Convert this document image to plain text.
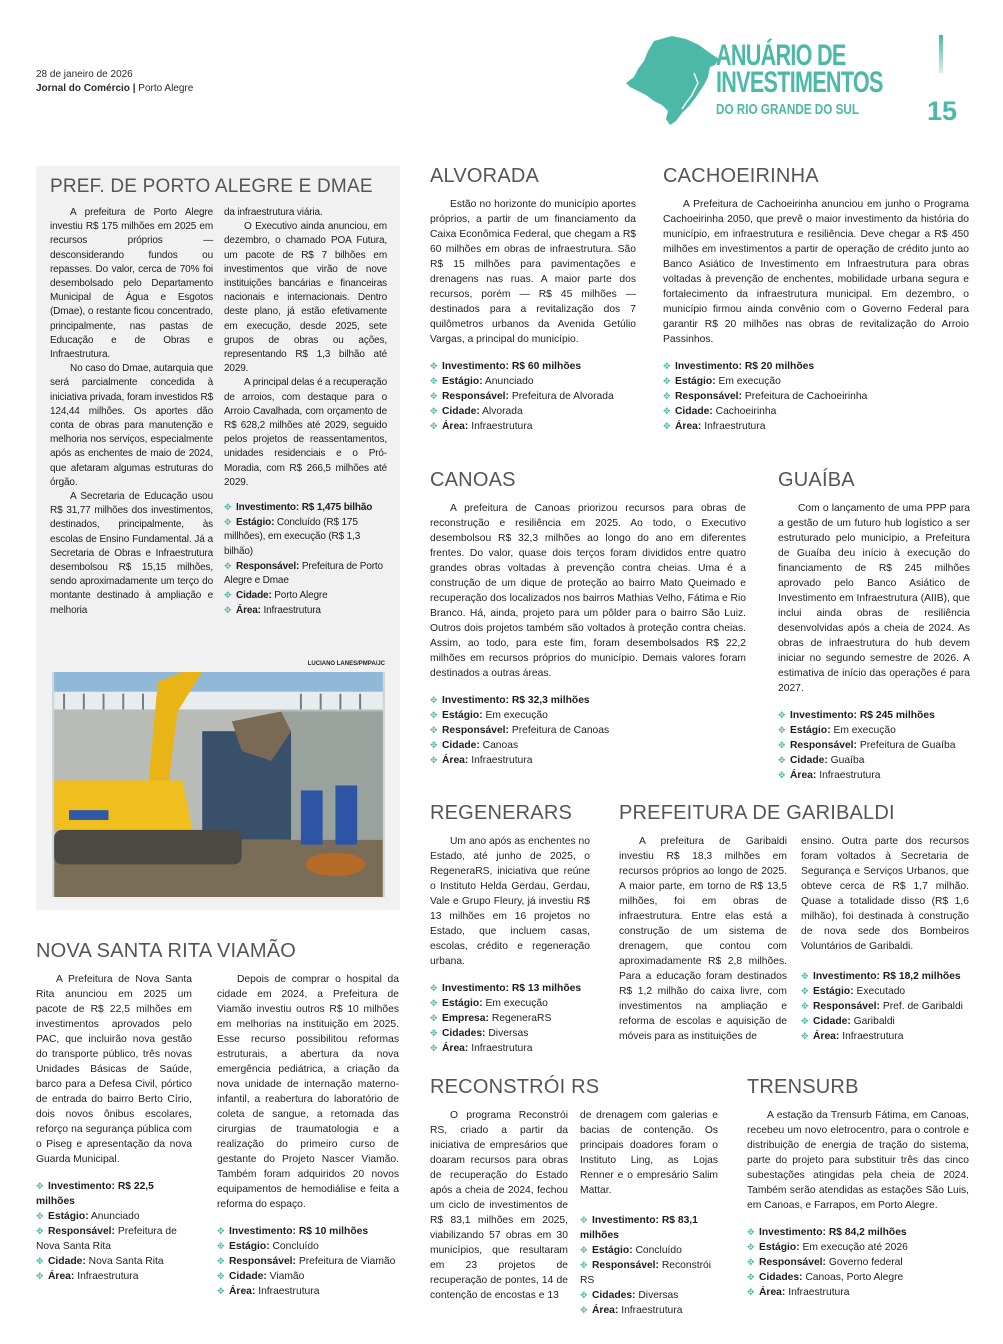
28 de janeiro de 2026
Jornal do Comércio | Porto Alegre
ANUÁRIO DE
INVESTIMENTOS
DO RIO GRANDE DO SUL	15
PREF. DE PORTO ALEGRE E DMAE

A prefeitura de Porto Alegre investiu R$ 175 milhões em 2025 em recursos próprios — desconsiderando fundos ou repasses. Do valor, cerca de 70% foi desembolsado pelo Departamento Municipal de Água e Esgotos (Dmae), o restante ficou concentrado, principalmente, nas pastas de Educação e de Obras e Infraestrutura.

No caso do Dmae, autarquia que será parcialmente concedida à iniciativa privada, foram investidos R$ 124,44 milhões. Os aportes dão conta de obras para manutenção e melhoria nos serviços, especialmente após as enchentes de maio de 2024, que afetaram algumas estruturas do órgão.

A Secretaria de Educação usou R$ 31,77 milhões dos investimentos, destinados, principalmente, às escolas de Ensino Fundamental. Já a Secretaria de Obras e Infraestrutura desembolsou R$ 15,15 milhões, sendo aproximadamente um terço do montante destinado à ampliação e melhoria

da infraestrutura viária.

O Executivo ainda anunciou, em dezembro, o chamado POA Futura, um pacote de R$ 7 bilhões em investimentos que virão de nove instituições bancárias e financeiras nacionais e internacionais. Dentro deste plano, já estão efetivamente em execução, desde 2025, sete grupos de obras ou ações, representando R$ 1,3 bilhão até 2029.

A principal delas é a recuperação de arroios, com destaque para o Arroio Cavalhada, com orçamento de R$ 628,2 milhões até 2029, seguido pelos projetos de reassentamentos, unidades residenciais e o Pró-Moradia, com R$ 266,5 milhões até 2029.

✥ Investimento: R$ 1,475 bilhão
✥ Estágio: Concluído (R$ 175 millhões), em execução (R$ 1,3 bilhão)
✥ Responsável: Prefeitura de Porto Alegre e Dmae
✥ Cidade: Porto Alegre
✥ Área: Infraestrutura
LUCIANO LANES/PMPA/JC
ALVORADA

Estão no horizonte do município aportes próprios, a partir de um financiamento da Caixa Econômica Federal, que chegam a R$ 60 milhões em obras de infraestrutura. São R$ 15 milhões para pavimentações e drenagens nas ruas. A maior parte dos recursos, porém — R$ 45 milhões — destinados para a revitalização dos 7 quilômetros urbanos da Avenida Getúlio Vargas, a principal do município.

✥ Investimento: R$ 60 milhões
✥ Estágio: Anunciado
✥ Responsável: Prefeitura de Alvorada
✥ Cidade: Alvorada
✥ Área: Infraestrutura
CACHOEIRINHA

A Prefeitura de Cachoeirinha anunciou em junho o Programa Cachoeirinha 2050, que prevê o maior investimento da história do município, em infraestrutura e resiliência. Deve chegar a R$ 450 milhões em investimentos a partir de operação de crédito junto ao Banco Asiático de Investimento em Infraestrutura para obras voltadas à prevenção de enchentes, mobilidade urbana segura e fortalecimento da infraestrutura municipal. Em dezembro, o município firmou ainda convênio com o Governo Federal para garantir R$ 20 milhões nas obras de revitalização do Arroio Passinhos.

✥ Investimento: R$ 20 milhões
✥ Estágio: Em execução
✥ Responsável: Prefeitura de Cachoeirinha
✥ Cidade: Cachoeirinha
✥ Área: Infraestrutura
CANOAS

A prefeitura de Canoas priorizou recursos para obras de reconstrução e resiliência em 2025. Ao todo, o Executivo desembolsou R$ 32,3 milhões ao longo do ano em diferentes frentes. Do valor, quase dois terços foram divididos entre quatro grandes obras voltadas à prevenção contra cheias. Uma é a construção de um dique de proteção ao bairro Mato Queimado e recuperação dos localizados nos bairros Mathias Velho, Fátima e Rio Branco. Há, ainda, projeto para um pôlder para o bairro São Luiz. Outros dois projetos também são voltados à proteção contra cheias. Assim, ao todo, para este fim, foram desembolsados R$ 22,2 milhões em recursos próprios do município. Demais valores foram destinados a outras áreas.

✥ Investimento: R$ 32,3 milhões
✥ Estágio: Em execução
✥ Responsável: Prefeitura de Canoas
✥ Cidade: Canoas
✥ Área: Infraestrutura
GUAÍBA

Com o lançamento de uma PPP para a gestão de um futuro hub logístico a ser estruturado pelo município, a Prefeitura de Guaíba deu início à execução do financiamento de R$ 245 milhões aprovado pelo Banco Asiático de Investimento em Infraestrutura (AIIB), que inclui ainda obras de resiliência desenvolvidas após a cheia de 2024. As obras de infraestrutura do hub devem iniciar no segundo semestre de 2026. A estimativa de início das operações é para 2027.

✥ Investimento: R$ 245 milhões
✥ Estágio: Em execução
✥ Responsável: Prefeitura de Guaíba
✥ Cidade: Guaíba
✥ Área: Infraestrutura
REGENERARS

Um ano após as enchentes no Estado, até junho de 2025, o RegeneraRS, iniciativa que reúne o Instituto Helda Gerdau, Gerdau, Vale e Grupo Fleury, já investiu R$ 13 milhões em 16 projetos no Estado, que incluem casas, escolas, crédito e regeneração urbana.

✥ Investimento: R$ 13 milhões
✥ Estágio: Em execução
✥ Empresa: RegeneraRS
✥ Cidades: Diversas
✥ Área: Infraestrutura
PREFEITURA DE GARIBALDI

A prefeitura de Garibaldi investiu R$ 18,3 milhões em recursos próprios ao longo de 2025. A maior parte, em torno de R$ 13,5 milhões, foi em obras de infraestrutura. Entre elas está a construção de um sistema de drenagem, que contou com aproximadamente R$ 2,8 milhões. Para a educação foram destinados R$ 1,2 milhão do caixa livre, com investimentos na ampliação e reforma de escolas e aquisição de móveis para as instituições de

ensino. Outra parte dos recursos foram voltados à Secretaria de Segurança e Serviços Urbanos, que obteve cerca de R$ 1,7 milhão. Quase a totalidade disso (R$ 1,6 milhão), foi destinada à construção de nova sede dos Bombeiros Voluntários de Garibaldi.

✥ Investimento: R$ 18,2 milhões
✥ Estágio: Executado
✥ Responsável: Pref. de Garibaldi
✥ Cidade: Garibaldi
✥ Área: Infraestrutura
NOVA SANTA RITA

A Prefeitura de Nova Santa Rita anunciou em 2025 um pacote de R$ 22,5 milhões em investimentos aprovados pelo PAC, que incluirão nova gestão do transporte público, três novas Unidades Básicas de Saúde, barco para a Defesa Civil, pórtico de entrada do bairro Berto Círio, dois novos ônibus escolares, reforço na segurança pública com o Piseg e apresentação da nova Guarda Municipal.

✥ Investimento: R$ 22,5 milhões
✥ Estágio: Anunciado
✥ Responsável: Prefeitura de Nova Santa Rita
✥ Cidade: Nova Santa Rita
✥ Área: Infraestrutura
VIAMÃO

Depois de comprar o hospital da cidade em 2024, a Prefeitura de Viamão investiu outros R$ 10 milhões em melhorias na instituição em 2025. Esse recurso possibilitou reformas estruturais, a abertura da nova emergência pediátrica, a criação da nova unidade de internação materno-infantil, a reabertura do laboratório de coleta de sangue, a retomada das cirurgias de traumatologia e a realização do primeiro curso de gestante do Projeto Nascer Viamão. Também foram adquiridos 20 novos equipamentos de hemodiálise e feita a reforma do espaço.

✥ Investimento: R$ 10 milhões
✥ Estágio: Concluído
✥ Responsável: Prefeitura de Viamão
✥ Cidade: Viamão
✥ Área: Infraestrutura
RECONSTRÓI RS

O programa Reconstrói RS, criado a partir da iniciativa de empresários que doaram recursos para obras de recuperação do Estado após a cheia de 2024, fechou um ciclo de investimentos de R$ 83,1 milhões em 2025, viabilizando 57 obras em 30 municípios, que resultaram em 23 projetos de recuperação de pontes, 14 de contenção de encostas e 13

de drenagem com galerias e bacias de contenção. Os principais doadores foram o Instituto Ling, as Lojas Renner e o empresário Salim Mattar.

✥ Investimento: R$ 83,1 milhões
✥ Estágio: Concluído
✥ Responsável: Reconstrói RS
✥ Cidades: Diversas
✥ Área: Infraestrutura
TRENSURB

A estação da Trensurb Fátima, em Canoas, recebeu um novo eletrocentro, para o controle e distribuição de energia de tração do sistema, parte do projeto para substituir três das cinco subestações atingidas pela cheia de 2024. Também serão atendidas as estações São Luis, em Canoas, e Farrapos, em Porto Alegre.

✥ Investimento: R$ 84,2 milhões
✥ Estágio: Em execução até 2026
✥ Responsável: Governo federal
✥ Cidades: Canoas, Porto Alegre
✥ Área: Infraestrutura
